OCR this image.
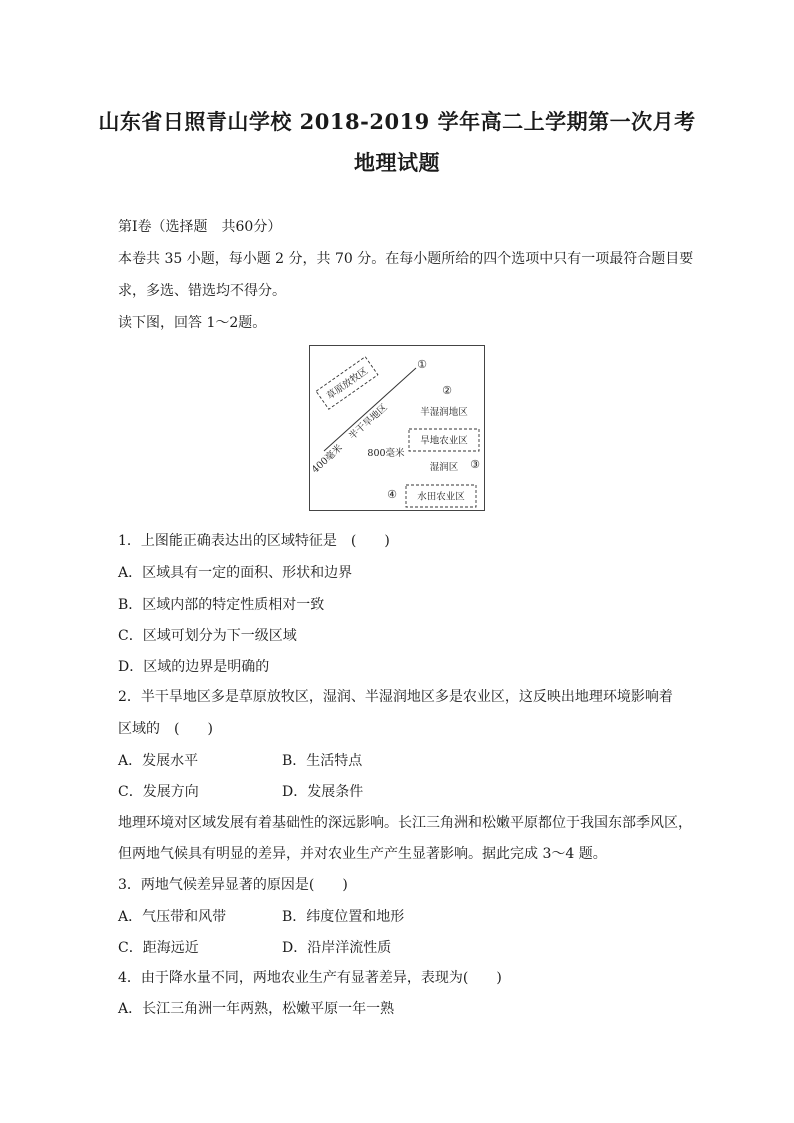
山东省日照青山学校 2018-2019 学年高二上学期第一次月考
地理试题
第Ⅰ卷（选择题　共60分）
本卷共 35 小题，每小题 2 分，共 70 分。在每小题所给的四个选项中只有一项最符合题目要
求，多选、错选均不得分。
读下图，回答 1～2题。
草原放牧区
半干旱地区
400毫米
①
②
半湿润地区
旱地农业区
800毫米
湿润区 ③
④ 水田农业区
1．上图能正确表达出的区域特征是　(　　)
A．区域具有一定的面积、形状和边界
B．区域内部的特定性质相对一致
C．区域可划分为下一级区域
D．区域的边界是明确的
2．半干旱地区多是草原放牧区，湿润、半湿润地区多是农业区，这反映出地理环境影响着
区域的　(　　)
A．发展水平	B．生活特点
C．发展方向	D．发展条件
地理环境对区域发展有着基础性的深远影响。长江三角洲和松嫩平原都位于我国东部季风区，
但两地气候具有明显的差异，并对农业生产产生显著影响。据此完成 3～4 题。
3．两地气候差异显著的原因是(　　)
A．气压带和风带	B．纬度位置和地形
C．距海远近	D．沿岸洋流性质
4．由于降水量不同，两地农业生产有显著差异，表现为(　　)
A．长江三角洲一年两熟，松嫩平原一年一熟
